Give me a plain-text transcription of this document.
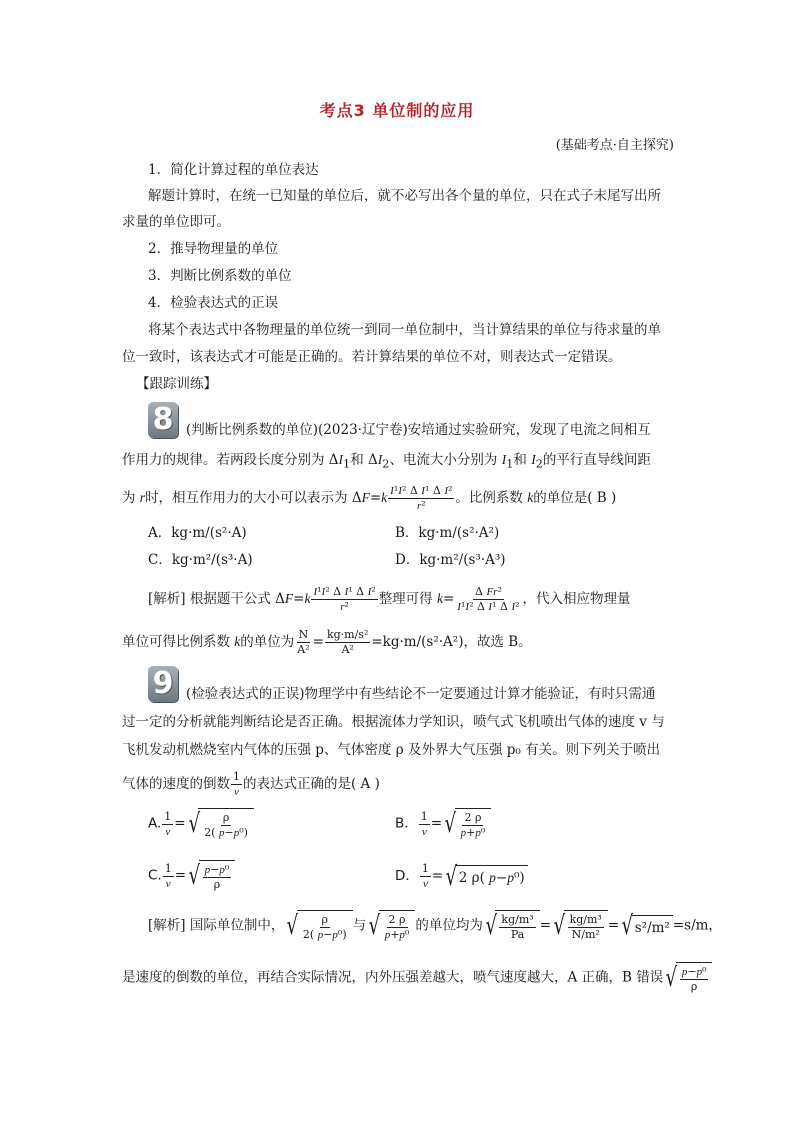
考点3 单位制的应用
(基础考点·自主探究)
1．简化计算过程的单位表达
解题计算时，在统一已知量的单位后，就不必写出各个量的单位，只在式子末尾写出所
求量的单位即可。
2．推导物理量的单位
3．判断比例系数的单位
4．检验表达式的正误
将某个表达式中各物理量的单位统一到同一单位制中，当计算结果的单位与待求量的单
位一致时，该表达式才可能是正确的。若计算结果的单位不对，则表达式一定错误。
【跟踪训练】
8 (判断比例系数的单位)(2023·辽宁卷)安培通过实验研究，发现了电流之间相互
作用力的规律。若两段长度分别为 $\Delta I_1$和 $\Delta I_2$、电流大小分别为 $I_1$和 $I_2$的平行直导线间距
为 r时，相互作用力的大小可以表示为 $\Delta F=k \frac{\text{I¹I² Δ I¹ Δ I²}}{\text{r²}}$ 。比例系数 k的单位是( B )
A．kg·m/(s²·A)	B．kg·m/(s²·A²)
C．kg·m²/(s³·A)	D．kg·m²/(s³·A³)
[解析] 根据题干公式 $\Delta F=k \frac{\text{I¹I² Δ I¹ Δ I²}}{\text{r²}}$ 整理可得 $k= \frac{\text{Δ Fr²}}{\text{I¹I² Δ I¹ Δ I²}}$ ，代入相应物理量
单位可得比例系数 k的单位为 $\frac{N}{\text{A²}} = \frac{\text{kg·m/s²}}{\text{A²}} =kg\cdot m/(s^2\cdot A^2)$，故选 B。
9 (检验表达式的正误)物理学中有些结论不一定要通过计算才能验证，有时只需通
过一定的分析就能判断结论是否正确。根据流体力学知识，喷气式飞机喷出气体的速度 v 与
飞机发动机燃烧室内气体的压强 p、气体密度 ρ 及外界大气压强 p₀ 有关。则下列关于喷出
气体的速度的倒数 $\frac{1}{v}$ 的表达式正确的是( A )
A. $\frac{1}{v}$ = √ $\frac{\rho}{\text{2( p−p⁰)}}$	B． $\frac{1}{v}$ = √ $\frac{2 \rho}{\text{p+p⁰}}$
C. $\frac{1}{v}$ = √ $\frac{\text{p−p⁰}}{\rho}$	D． $\frac{1}{v}$ = √ 2 ρ( p−p⁰)
[解析] 国际单位制中， √ $\frac{\rho}{\text{2( p−p⁰)}}$ 与 √ $\frac{2 \rho}{\text{p+p⁰}}$ 的单位均为 √ $\frac{\text{kg/m³}}{Pa}$ = √ $\frac{\text{kg/m³}}{\text{N/m²}}$ = √ s²/m² =s/m，
是速度的倒数的单位，再结合实际情况，内外压强差越大，喷气速度越大，A 正确，B 错误 √ $\frac{\text{p−p⁰}}{\rho}$
